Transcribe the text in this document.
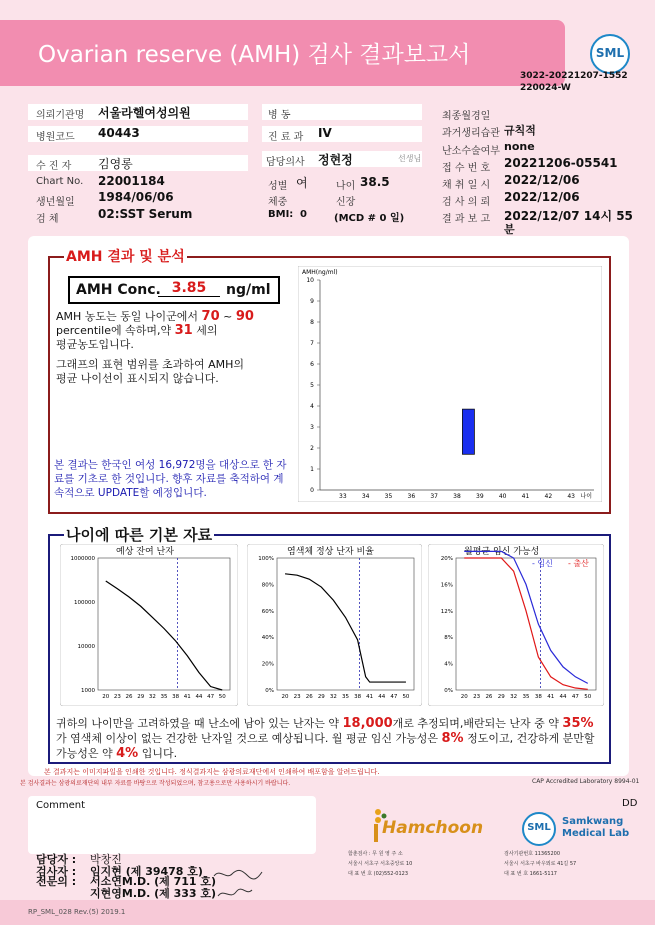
Ovarian reserve (AMH) 검사 결과보고서	SML
3022-20221207-1552
220024-W
의뢰기관명 서울라헬여성의원
병원코드 40443
수 진 자 김영롱
Chart No. 22001184
생년월일 1984/06/06
검 체	02:SST Serum
병 동
진 료 과 IV
담당의사 정현정	선생님
성별 여	나이 38.5
체중	신장
BMI: 0	(MCD # 0 일)
최종월경일
과거생리습관 규칙적
난소수술여부 none
접 수 번 호 20221206-05541
채 취 일 시 2022/12/06
검 사 의 뢰 2022/12/06
결 과 보 고 2022/12/07 14시 55
분
AMH 결과 및 분석
AMH Conc. 3.85	ng/ml
AMH 농도는 동일 나이군에서 70 ~ 90 percentile에 속하며,약 31 세의
평균농도입니다.
그래프의 표현 범위를 초과하여 AMH의 평균 나이선이 표시되지 않습니다.
본 결과는 한국인 여성 16,972명을 대상으로 한 자료를 기초로 한 것입니다. 향후 자료를 축적하여 계속적으로 UPDATE할 예정입니다.
AMH(ng/ml)
0
1
2
3
4
5
6
7
8
9
10
33	34	35	36	37	38	39	40	41	42	43 나이
나이에 따른 기본 자료
예상 잔여 난자
1000000
100000
10000
1000
20 23 26 29 32 35 38 41 44 47 50
염색체 정상 난자 비율
100%
80%
60%
40%
20%
0%
20 23 26 29 32 35 38 41 44 47 50
월평균 임신 가능성
20%
16%
12%
8%
4%
0%
20 23 26 29 32 35 38 41 44 47 50
- 임신 - 출산
귀하의 나이만을 고려하였을 때 난소에 남아 있는 난자는 약 18,000개로 추정되며,배란되는 난자 중 약 35%가 염색체 이상이 없는 건강한 난자일 것으로 예상됩니다. 월 평균 임신 가능성은 8% 정도이고, 건강하게 분만할 가능성은 약 4% 입니다.
본 결과지는 이미지파일을 인쇄한 것입니다. 정식결과지는 삼광의료재단에서 인쇄하여 배포함을 알려드립니다.
본 검사결과는 삼광의료재단의 내부 자료를 바탕으로 작성되었으며, 참고용으로만 사용하시기 바랍니다.	CAP Accredited Laboratory 8994-01
Comment	DD
담당자 : 박창진
검사자 : 임지현 (제 39478 호)
전문의 : 서소연M.D. (제 711 호)
지현영M.D. (제 333 호)
Hamchoon
함춘검사 : 무 원 영 주 소
서울시 서초구 서초중앙로 10
대 표 번 호 (02)552-0123
SML
Samkwang
Medical Lab
검사기관번호 11365200
서울시 서초구 바우뫼로 41길 57
대 표 번 호 1661-5117
RP_SML_028 Rev.(5) 2019.1
